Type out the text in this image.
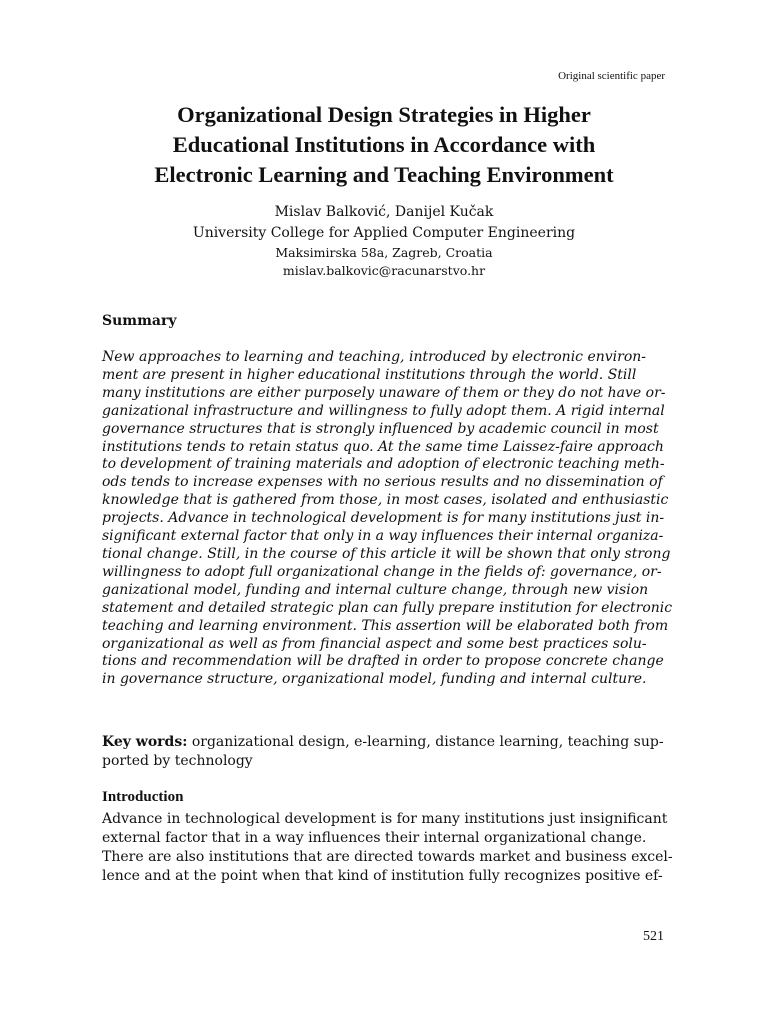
Original scientific paper
Organizational Design Strategies in Higher
Educational Institutions in Accordance with
Electronic Learning and Teaching Environment
Mislav Balković, Danijel Kučak
University College for Applied Computer Engineering
Maksimirska 58a, Zagreb, Croatia
mislav.balkovic@racunarstvo.hr
Summary

New approaches to learning and teaching, introduced by electronic environ-
ment are present in higher educational institutions through the world. Still
many institutions are either purposely unaware of them or they do not have or-
ganizational infrastructure and willingness to fully adopt them. A rigid internal
governance structures that is strongly influenced by academic council in most
institutions tends to retain status quo. At the same time Laissez-faire approach
to development of training materials and adoption of electronic teaching meth-
ods tends to increase expenses with no serious results and no dissemination of
knowledge that is gathered from those, in most cases, isolated and enthusiastic
projects. Advance in technological development is for many institutions just in-
significant external factor that only in a way influences their internal organiza-
tional change. Still, in the course of this article it will be shown that only strong
willingness to adopt full organizational change in the fields of: governance, or-
ganizational model, funding and internal culture change, through new vision
statement and detailed strategic plan can fully prepare institution for electronic
teaching and learning environment. This assertion will be elaborated both from
organizational as well as from financial aspect and some best practices solu-
tions and recommendation will be drafted in order to propose concrete change
in governance structure, organizational model, funding and internal culture.

Key words: organizational design, e-learning, distance learning, teaching sup-
ported by technology

Introduction

Advance in technological development is for many institutions just insignificant
external factor that in a way influences their internal organizational change.
There are also institutions that are directed towards market and business excel-
lence and at the point when that kind of institution fully recognizes positive ef-

521
